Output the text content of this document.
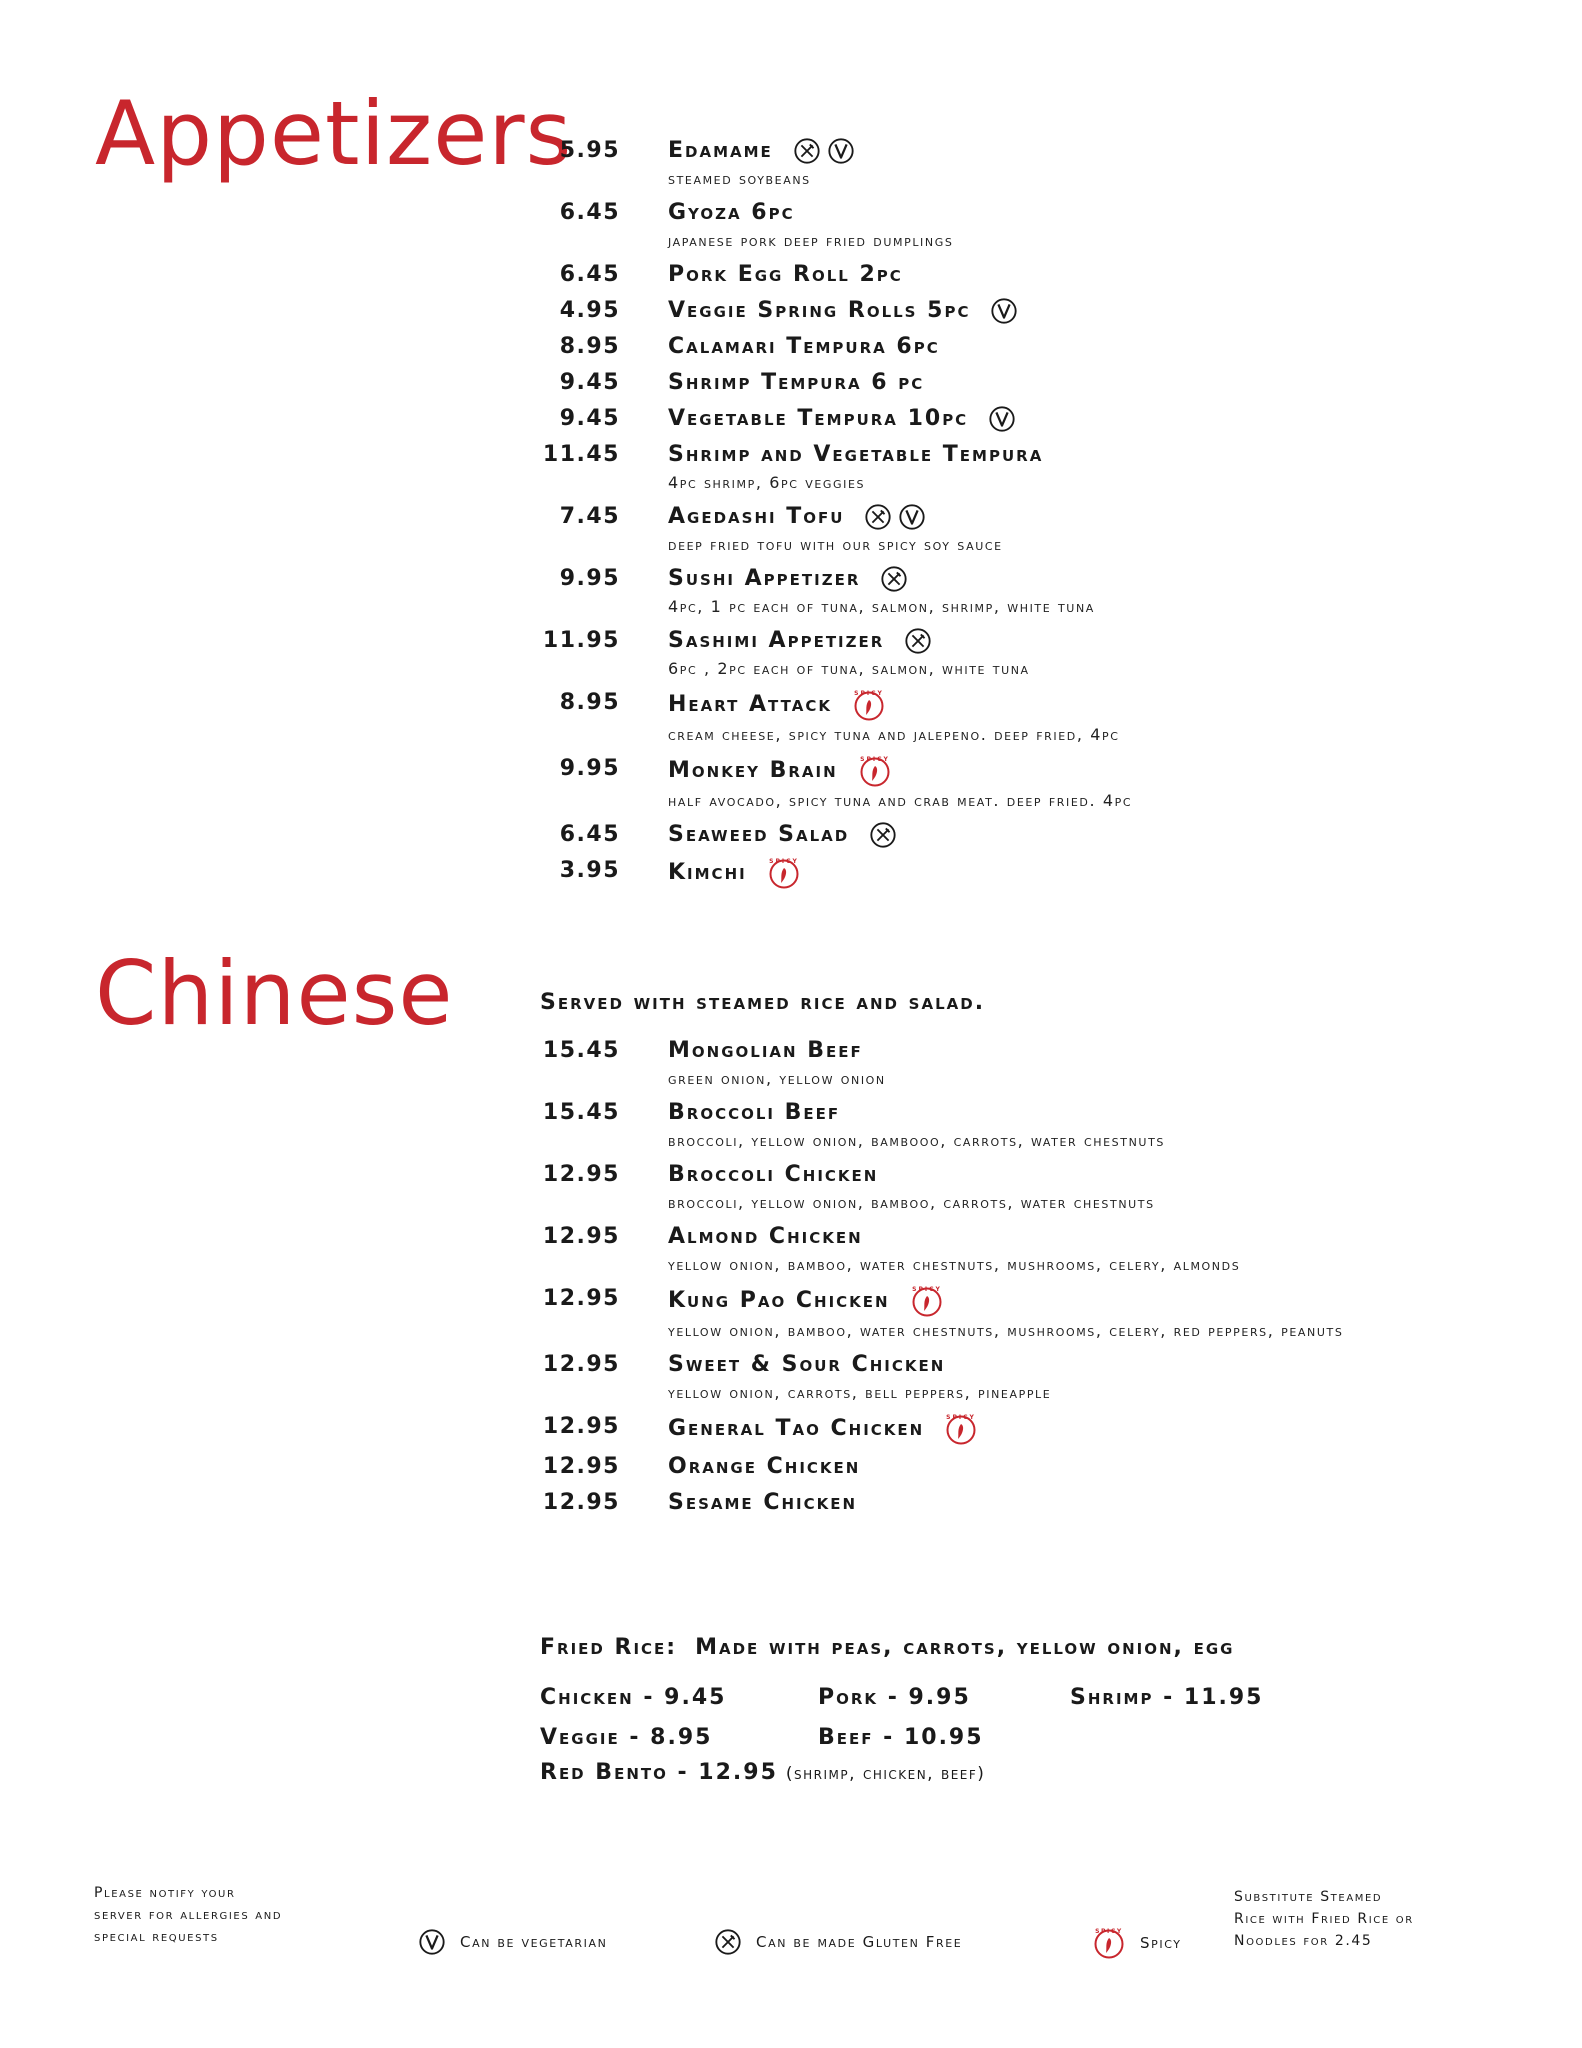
Appetizers
Chinese
5.95	Edamame
steamed soybeans
6.45	Gyoza 6pc
japanese pork deep fried dumplings
6.45	Pork Egg Roll 2pc
4.95	Veggie Spring Rolls 5pc
8.95	Calamari Tempura 6pc
9.45	Shrimp Tempura 6 pc
9.45	Vegetable Tempura 10pc
11.45	Shrimp and Vegetable Tempura
4pc shrimp, 6pc veggies
7.45	Agedashi Tofu
deep fried tofu with our spicy soy sauce
9.95	Sushi Appetizer
4pc, 1 pc each of tuna, salmon, shrimp, white tuna
11.95	Sashimi Appetizer
6pc , 2pc each of tuna, salmon, white tuna
8.95	Heart Attack	SPICY
cream cheese, spicy tuna and jalepeno. deep fried, 4pc
9.95	Monkey Brain	SPICY
half avocado, spicy tuna and crab meat. deep fried. 4pc
6.45	Seaweed Salad
3.95	Kimchi	SPICY
Served with steamed rice and salad.
15.45	Mongolian Beef
green onion, yellow onion
15.45	Broccoli Beef
broccoli, yellow onion, bambooo, carrots, water chestnuts
12.95	Broccoli Chicken
broccoli, yellow onion, bamboo, carrots, water chestnuts
12.95	Almond Chicken
yellow onion, bamboo, water chestnuts, mushrooms, celery, almonds
12.95	Kung Pao Chicken	SPICY
yellow onion, bamboo, water chestnuts, mushrooms, celery, red peppers, peanuts
12.95	Sweet & Sour Chicken
yellow onion, carrots, bell peppers, pineapple
12.95	General Tao Chicken	SPICY
12.95	Orange Chicken
12.95	Sesame Chicken
Fried Rice: Made with peas, carrots, yellow onion, egg
Chicken - 9.45	Pork - 9.95	Shrimp - 11.95
Veggie - 8.95	Beef - 10.95
Red Bento - 12.95 (shrimp, chicken, beef)
Please notify your
server for allergies and
special requests	Can be vegetarian	Can be made Gluten Free
SPICY
Spicy
Substitute Steamed
Rice with Fried Rice or
Noodles for 2.45
